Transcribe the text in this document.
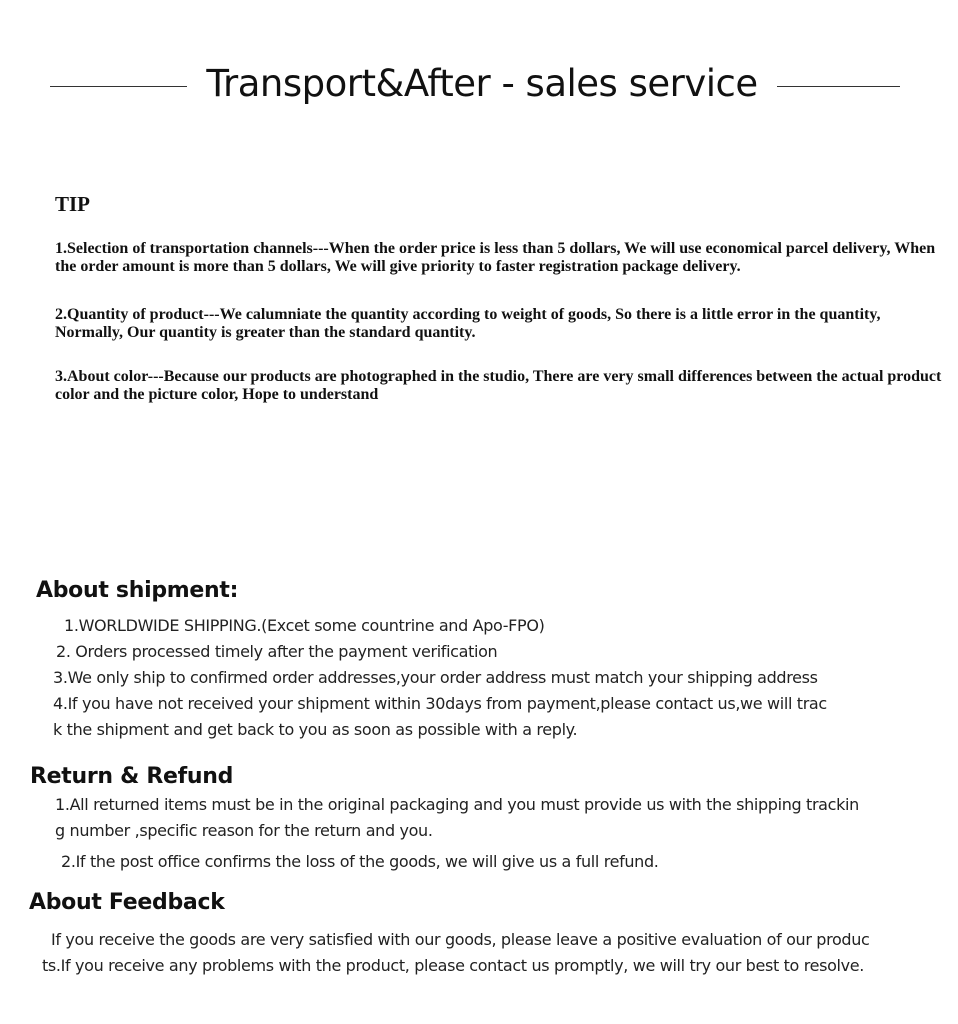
Transport&After - sales service
TIP

1.Selection of transportation channels---When the order price is less than 5 dollars, We will use economical parcel delivery, When the order amount is more than 5 dollars, We will give priority to faster registration package delivery.

2.Quantity of product---We calumniate the quantity according to weight of goods, So there is a little error in the quantity, Normally, Our quantity is greater than the standard quantity.

3.About color---Because our products are photographed in the studio, There are very small differences between the actual product color and the picture color, Hope to understand

About shipment:

1.WORLDWIDE SHIPPING.(Excet some countrine and Apo-FPO)

2. Orders processed timely after the payment verification

3.We only ship to confirmed order addresses,your order address must match your shipping address

4.If you have not received your shipment within 30days from payment,please contact us,we will trac

k the shipment and get back to you as soon as possible with a reply.

Return & Refund

1.All returned items must be in the original packaging and you must provide us with the shipping trackin

g number ,specific reason for the return and you.

2.If the post office confirms the loss of the goods, we will give us a full refund.

About Feedback

If you receive the goods are very satisfied with our goods, please leave a positive evaluation of our produc

ts.If you receive any problems with the product, please contact us promptly, we will try our best to resolve.
